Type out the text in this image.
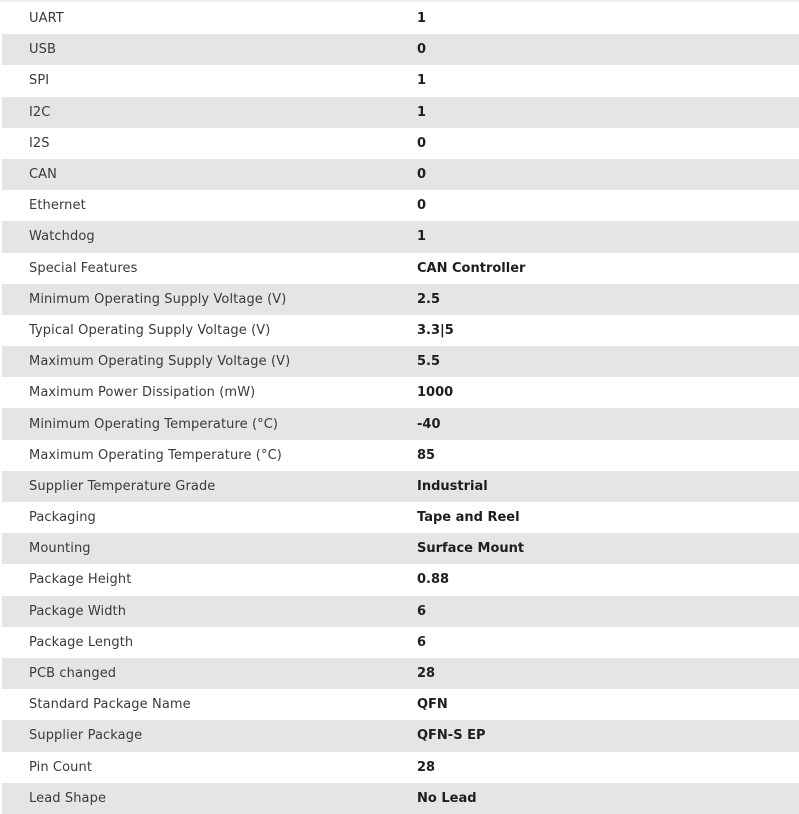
UART	1
USB	0
SPI	1
I2C	1
I2S	0
CAN	0
Ethernet	0
Watchdog	1
Special Features	CAN Controller
Minimum Operating Supply Voltage (V)	2.5
Typical Operating Supply Voltage (V)	3.3|5
Maximum Operating Supply Voltage (V)	5.5
Maximum Power Dissipation (mW)	1000
Minimum Operating Temperature (°C)	-40
Maximum Operating Temperature (°C)	85
Supplier Temperature Grade	Industrial
Packaging	Tape and Reel
Mounting	Surface Mount
Package Height	0.88
Package Width	6
Package Length	6
PCB changed	28
Standard Package Name	QFN
Supplier Package	QFN-S EP
Pin Count	28
Lead Shape	No Lead
